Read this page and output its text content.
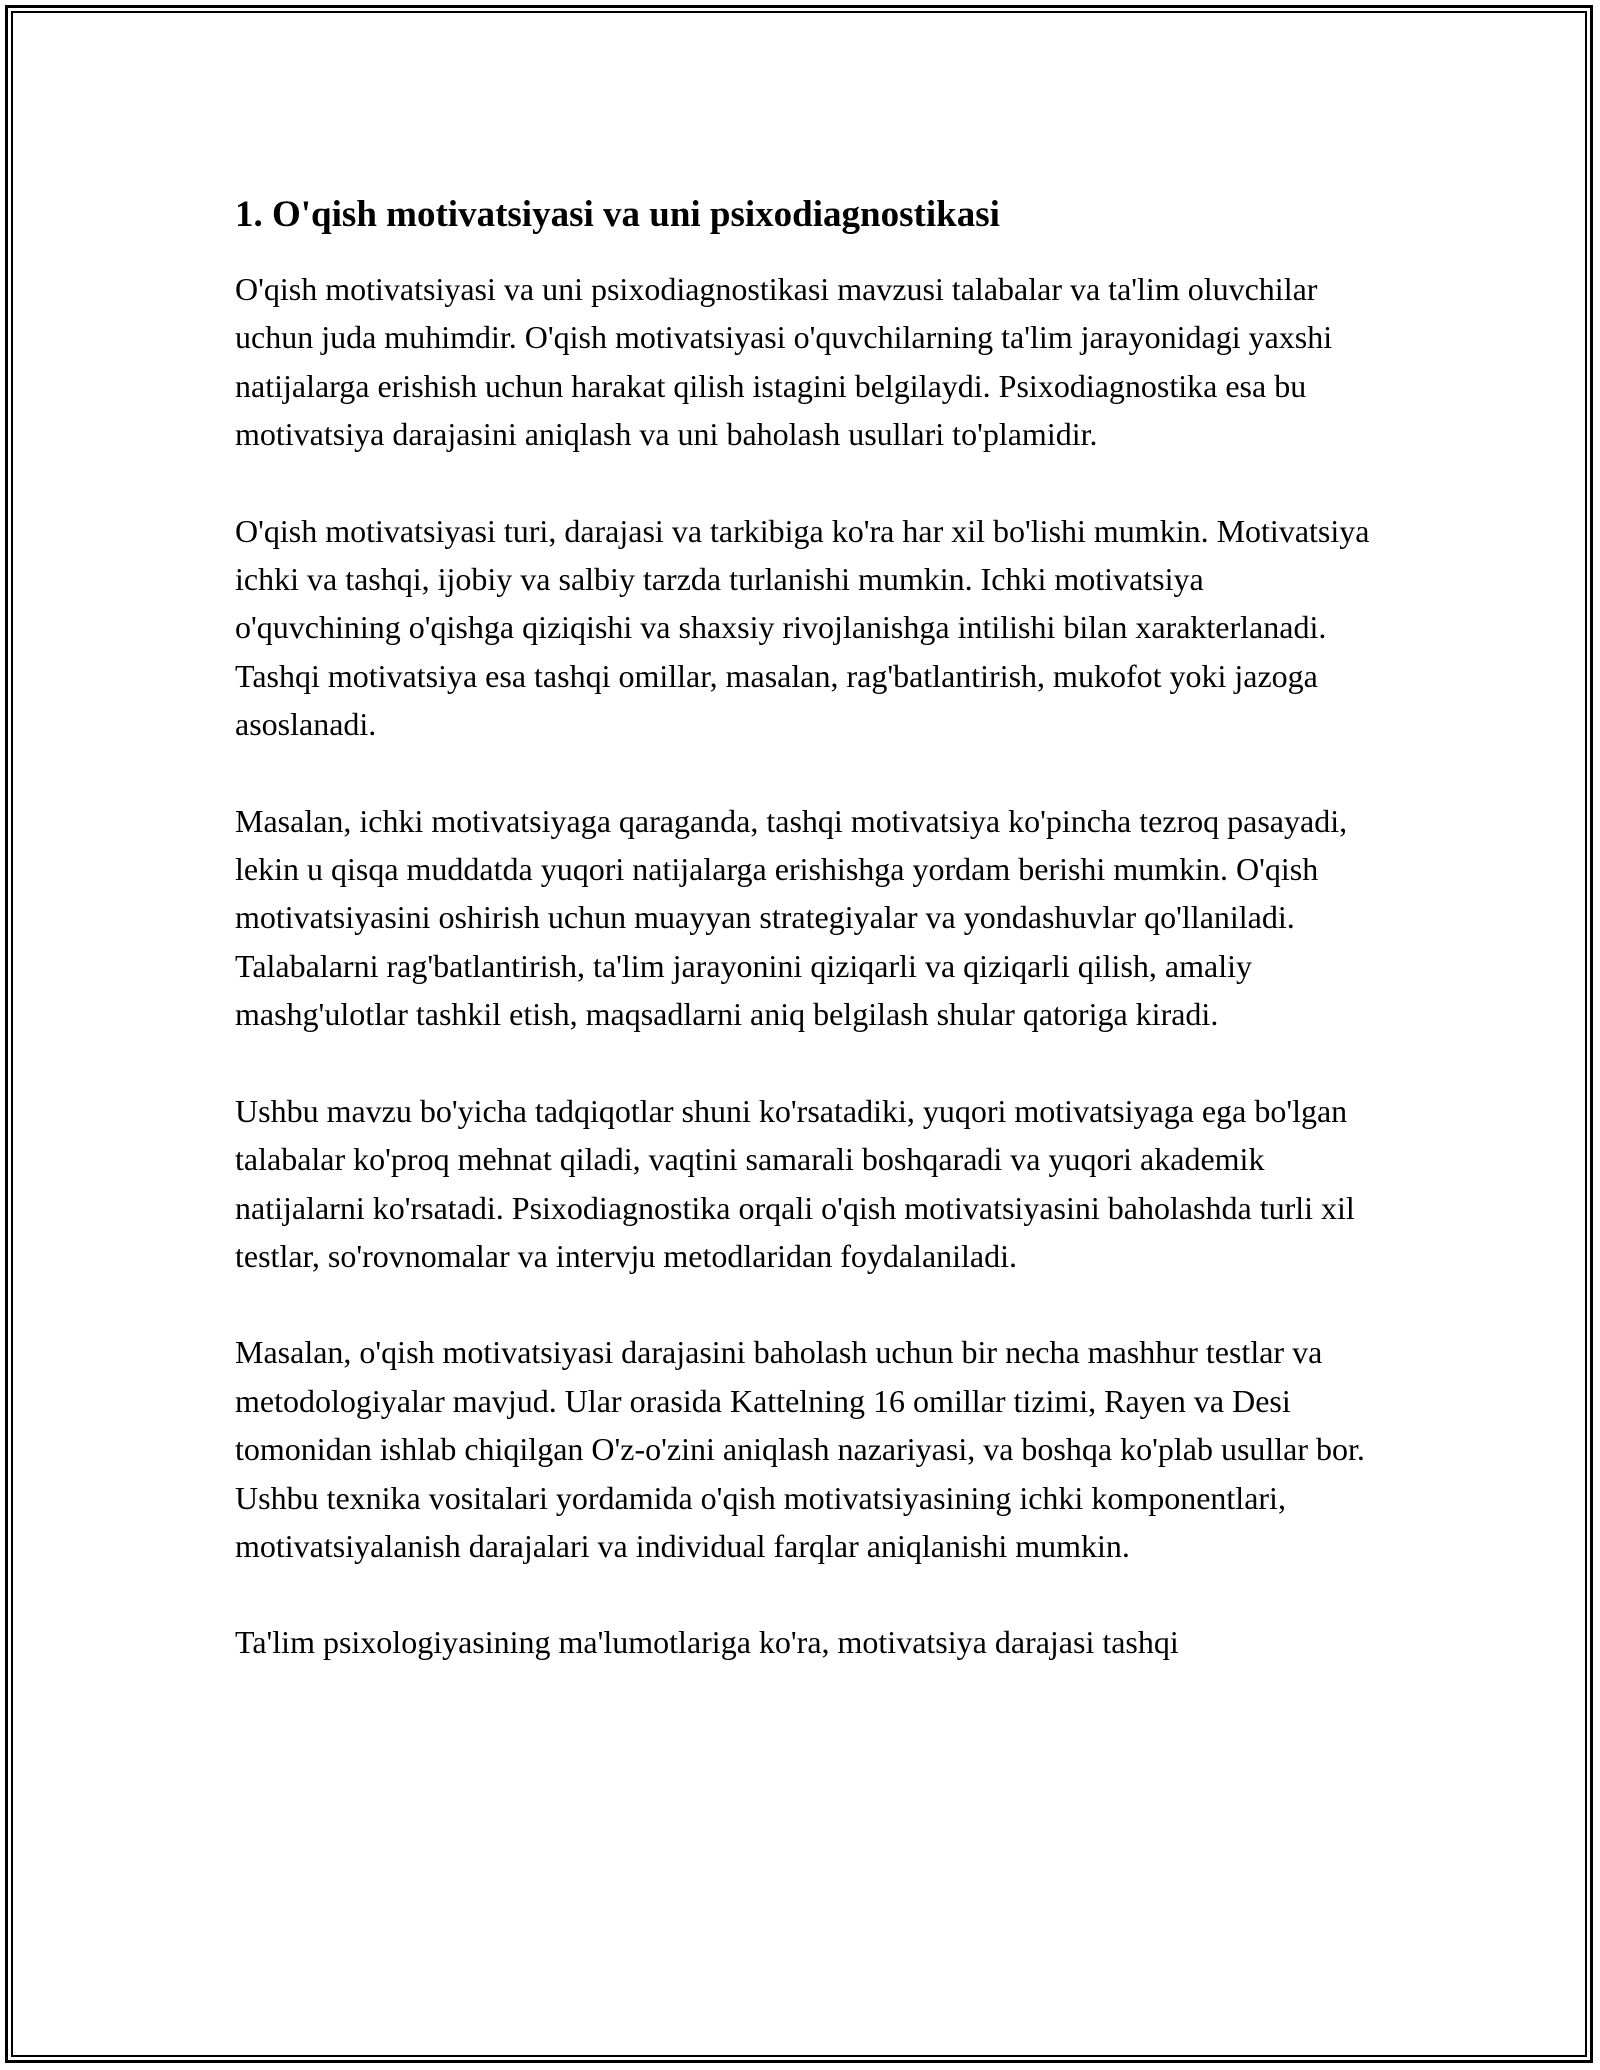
1. O'qish motivatsiyasi va uni psixodiagnostikasi

O'qish motivatsiyasi va uni psixodiagnostikasi mavzusi talabalar va ta'lim oluvchilar uchun juda muhimdir. O'qish motivatsiyasi o'quvchilarning ta'lim jarayonidagi yaxshi natijalarga erishish uchun harakat qilish istagini belgilaydi. Psixodiagnostika esa bu motivatsiya darajasini aniqlash va uni baholash usullari to'plamidir.

O'qish motivatsiyasi turi, darajasi va tarkibiga ko'ra har xil bo'lishi mumkin. Motivatsiya ichki va tashqi, ijobiy va salbiy tarzda turlanishi mumkin. Ichki motivatsiya o'quvchining o'qishga qiziqishi va shaxsiy rivojlanishga intilishi bilan xarakterlanadi. Tashqi motivatsiya esa tashqi omillar, masalan, rag'batlantirish, mukofot yoki jazoga asoslanadi.

Masalan, ichki motivatsiyaga qaraganda, tashqi motivatsiya ko'pincha tezroq pasayadi, lekin u qisqa muddatda yuqori natijalarga erishishga yordam berishi mumkin. O'qish motivatsiyasini oshirish uchun muayyan strategiyalar va yondashuvlar qo'llaniladi. Talabalarni rag'batlantirish, ta'lim jarayonini qiziqarli va qiziqarli qilish, amaliy mashg'ulotlar tashkil etish, maqsadlarni aniq belgilash shular qatoriga kiradi.

Ushbu mavzu bo'yicha tadqiqotlar shuni ko'rsatadiki, yuqori motivatsiyaga ega bo'lgan talabalar ko'proq mehnat qiladi, vaqtini samarali boshqaradi va yuqori akademik natijalarni ko'rsatadi. Psixodiagnostika orqali o'qish motivatsiyasini baholashda turli xil testlar, so'rovnomalar va intervju metodlaridan foydalaniladi.

Masalan, o'qish motivatsiyasi darajasini baholash uchun bir necha mashhur testlar va metodologiyalar mavjud. Ular orasida Kattelning 16 omillar tizimi, Rayen va Desi tomonidan ishlab chiqilgan O'z-o'zini aniqlash nazariyasi, va boshqa ko'plab usullar bor. Ushbu texnika vositalari yordamida o'qish motivatsiyasining ichki komponentlari, motivatsiyalanish darajalari va individual farqlar aniqlanishi mumkin.

Ta'lim psixologiyasining ma'lumotlariga ko'ra, motivatsiya darajasi tashqi
